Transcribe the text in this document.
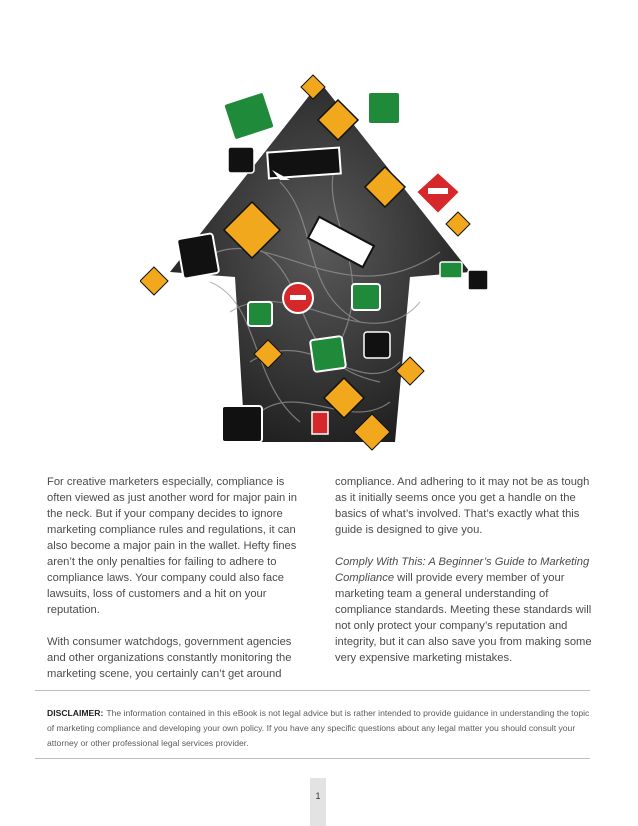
For creative marketers especially, compliance is often viewed as just another word for major pain in the neck. But if your company decides to ignore marketing compliance rules and regulations, it can also become a major pain in the wallet. Hefty fines aren’t the only penalties for failing to adhere to compliance laws. Your company could also face lawsuits, loss of customers and a hit on your reputation.

With consumer watchdogs, government agencies and other organizations constantly monitoring the marketing scene, you certainly can’t get around

compliance. And adhering to it may not be as tough as it initially seems once you get a handle on the basics of what’s involved. That’s exactly what this guide is designed to give you.

Comply With This: A Beginner’s Guide to Marketing Compliance will provide every member of your marketing team a general understanding of compliance standards. Meeting these standards will not only protect your company’s reputation and integrity, but it can also save you from making some very expensive marketing mistakes.

DISCLAIMER: The information contained in this eBook is not legal advice but is rather intended to provide guidance in understanding the topic of marketing compliance and developing your own policy. If you have any specific questions about any legal matter you should consult your attorney or other professional legal services provider.
1
